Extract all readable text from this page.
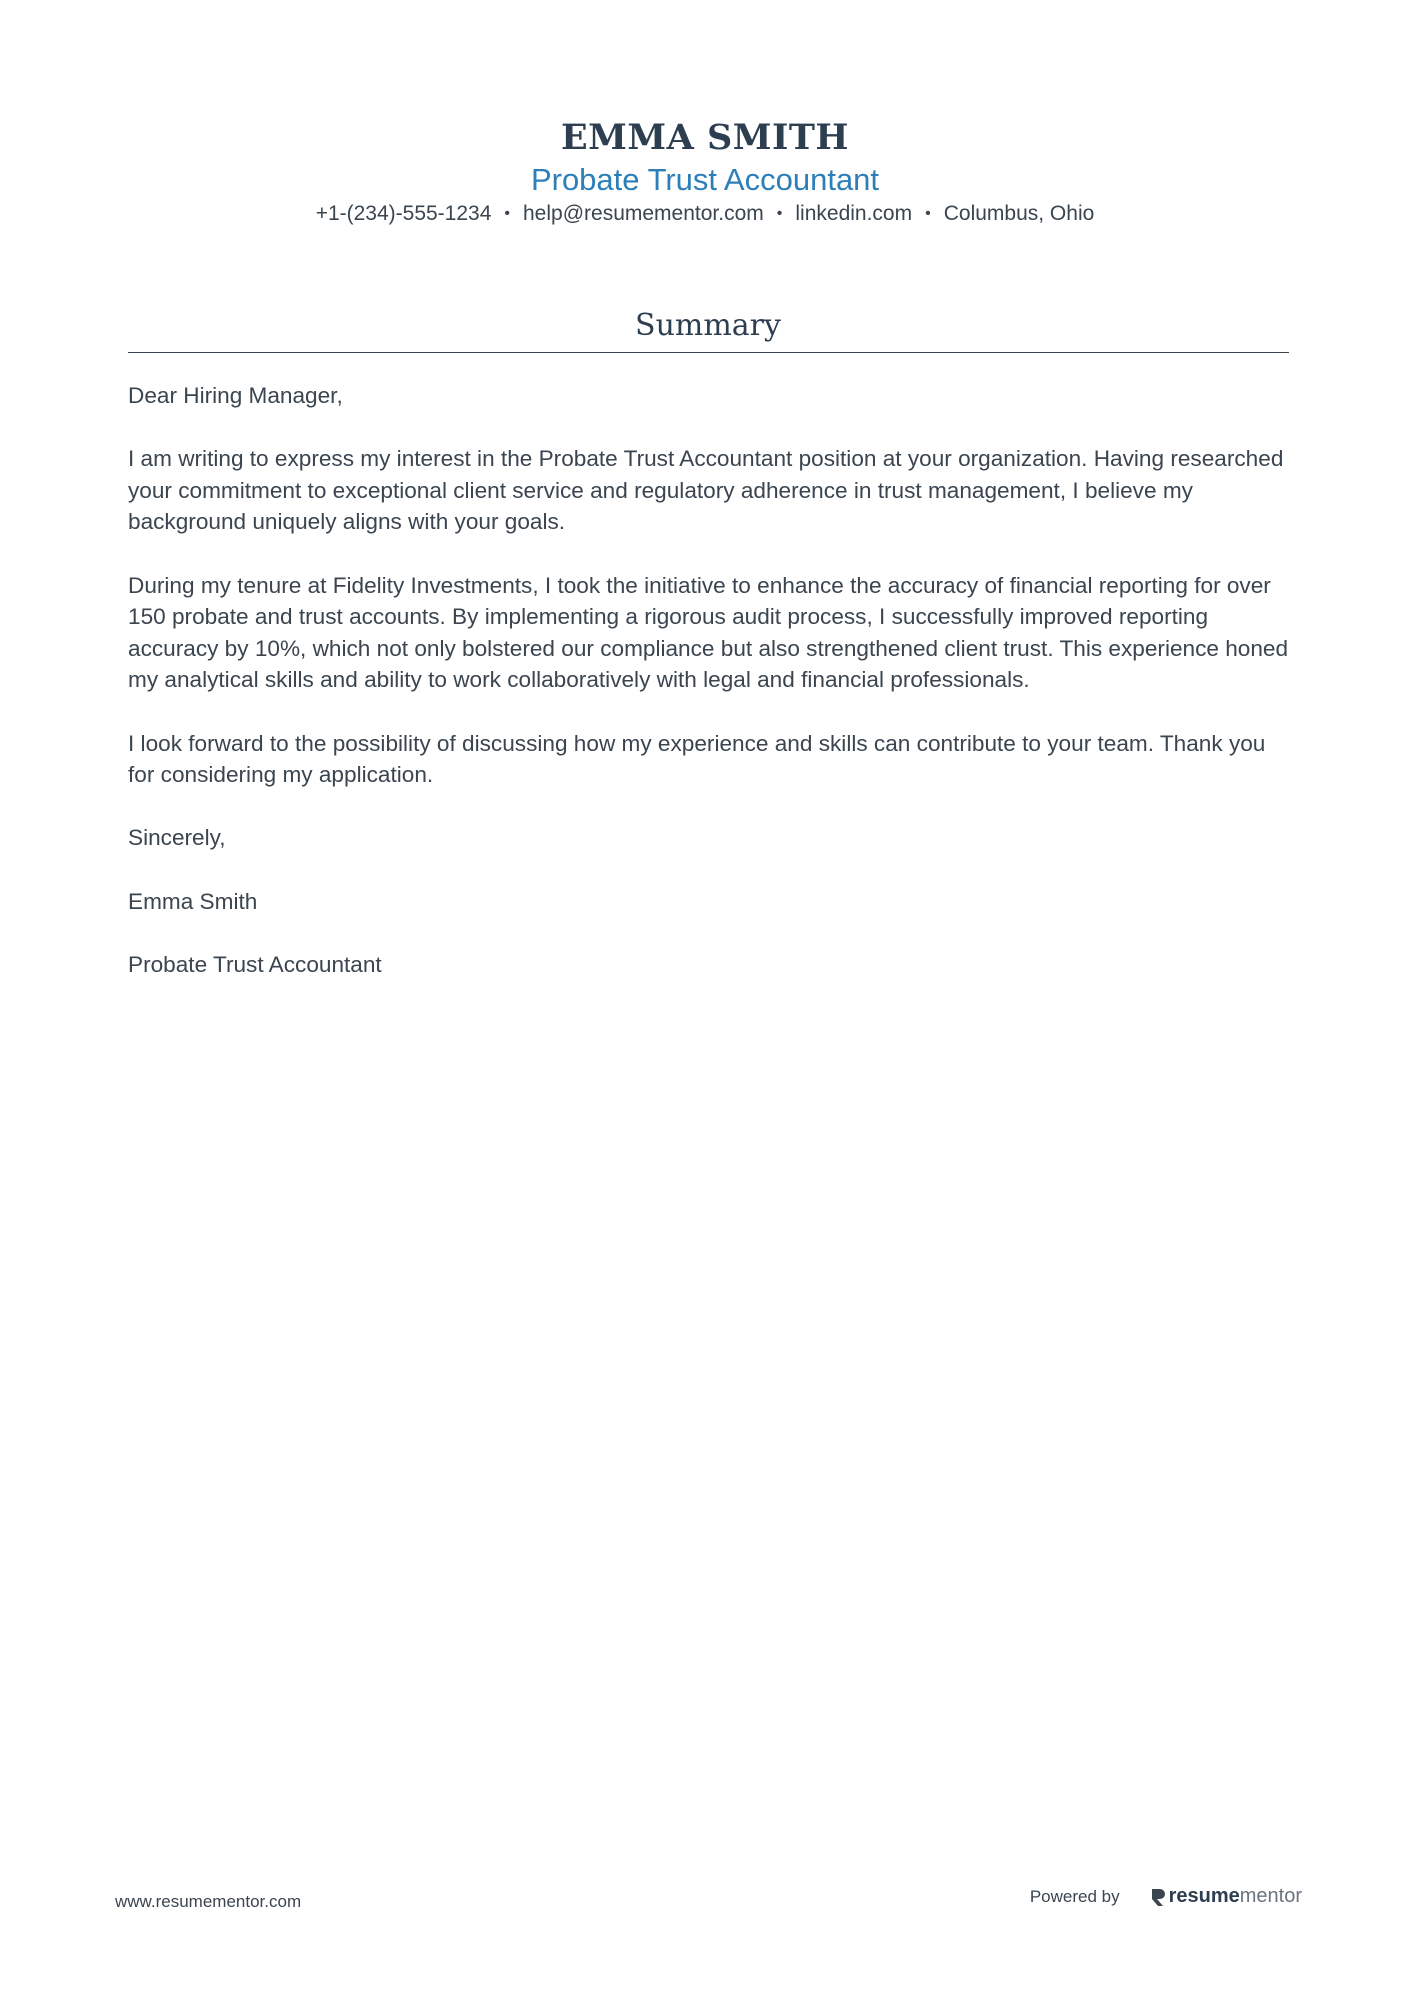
EMMA SMITH
Probate Trust Accountant
+1-(234)-555-1234 • help@resumementor.com • linkedin.com • Columbus, Ohio
Summary

Dear Hiring Manager,

I am writing to express my interest in the Probate Trust Accountant position at your organization. Having researched your commitment to exceptional client service and regulatory adherence in trust management, I believe my background uniquely aligns with your goals.

During my tenure at Fidelity Investments, I took the initiative to enhance the accuracy of financial reporting for over 150 probate and trust accounts. By implementing a rigorous audit process, I successfully improved reporting accuracy by 10%, which not only bolstered our compliance but also strengthened client trust. This experience honed my analytical skills and ability to work collaboratively with legal and financial professionals.

I look forward to the possibility of discussing how my experience and skills can contribute to your team. Thank you for considering my application.

Sincerely,

Emma Smith

Probate Trust Accountant

www.resumementor.com	Powered by resume mentor
